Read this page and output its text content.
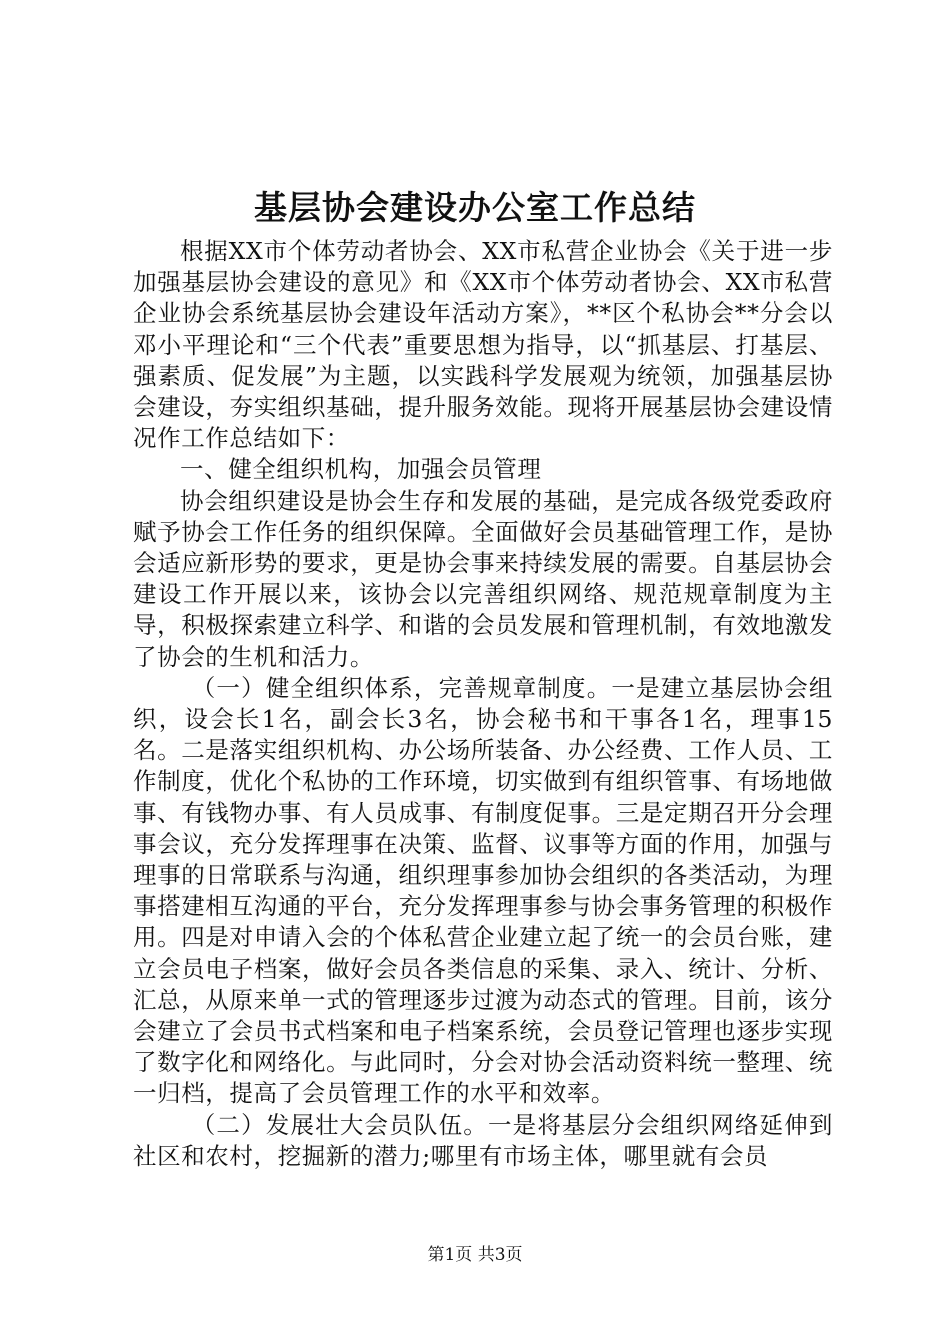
基层协会建设办公室工作总结

根据XX市个体劳动者协会、XX市私营企业协会《关于进一步加强基层协会建设的意见》和《XX市个体劳动者协会、XX市私营企业协会系统基层协会建设年活动方案》，**区个私协会**分会以邓小平理论和“三个代表”重要思想为指导，以“抓基层、打基层、强素质、促发展”为主题，以实践科学发展观为统领，加强基层协会建设，夯实组织基础，提升服务效能。现将开展基层协会建设情况作工作总结如下：

一、健全组织机构，加强会员管理

协会组织建设是协会生存和发展的基础，是完成各级党委政府赋予协会工作任务的组织保障。全面做好会员基础管理工作，是协会适应新形势的要求，更是协会事来持续发展的需要。自基层协会建设工作开展以来，该协会以完善组织网络、规范规章制度为主导，积极探索建立科学、和谐的会员发展和管理机制，有效地激发了协会的生机和活力。

（一）健全组织体系，完善规章制度。一是建立基层协会组织，设会长1名，副会长3名，协会秘书和干事各1名，理事15名。二是落实组织机构、办公场所装备、办公经费、工作人员、工作制度，优化个私协的工作环境，切实做到有组织管事、有场地做事、有钱物办事、有人员成事、有制度促事。三是定期召开分会理事会议，充分发挥理事在决策、监督、议事等方面的作用，加强与理事的日常联系与沟通，组织理事参加协会组织的各类活动，为理事搭建相互沟通的平台，充分发挥理事参与协会事务管理的积极作用。四是对申请入会的个体私营企业建立起了统一的会员台账，建立会员电子档案，做好会员各类信息的采集、录入、统计、分析、汇总，从原来单一式的管理逐步过渡为动态式的管理。目前，该分会建立了会员书式档案和电子档案系统，会员登记管理也逐步实现了数字化和网络化。与此同时，分会对协会活动资料统一整理、统一归档，提高了会员管理工作的水平和效率。

（二）发展壮大会员队伍。一是将基层分会组织网络延伸到社区和农村，挖掘新的潜力;哪里有市场主体，哪里就有会员

第1页 共3页
